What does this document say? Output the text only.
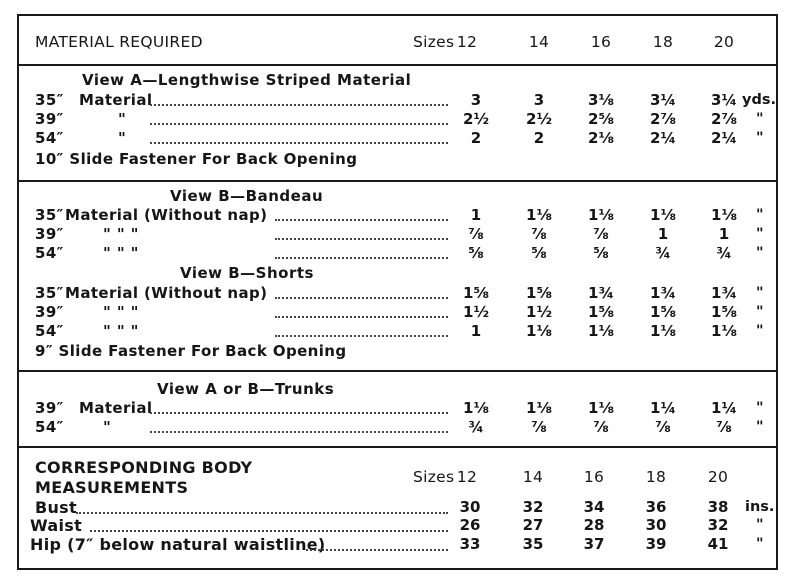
MATERIAL REQUIRED	Sizes 12	14	16	18	20
View A—Lengthwise Striped Material
35″ Material	3	3	3⅛	3¼	3¼ yds.
39″	"	2½	2½	2⅝	2⅞	2⅞	"
54″	"	2	2	2⅛	2¼	2¼	"
10″ Slide Fastener For Back Opening
View B—Bandeau
35″ Material (Without nap)	1	1⅛	1⅛	1⅛	1⅛	"
39″	" " "	⅞	⅞	⅞	1	1	"
54″	" " "	⅝	⅝	⅝	¾	¾	"
View B—Shorts
35″ Material (Without nap)	1⅝	1⅝	1¾	1¾	1¾	"
39″	" " "	1½	1½	1⅝	1⅝	1⅝	"
54″	" " "	1	1⅛	1⅛	1⅛	1⅛	"
9″ Slide Fastener For Back Opening
View A or B—Trunks
39″ Material	1⅛	1⅛	1⅛	1¼	1¼	"
54″	"	¾	⅞	⅞	⅞	⅞	"
CORRESPONDING BODY
MEASUREMENTS
Sizes 12	14	16	18	20
Bust	30	32	34	36	38	ins.
Waist	26	27	28	30	32	"
Hip (7″ below natural waistline)	33	35	37	39	41	"
